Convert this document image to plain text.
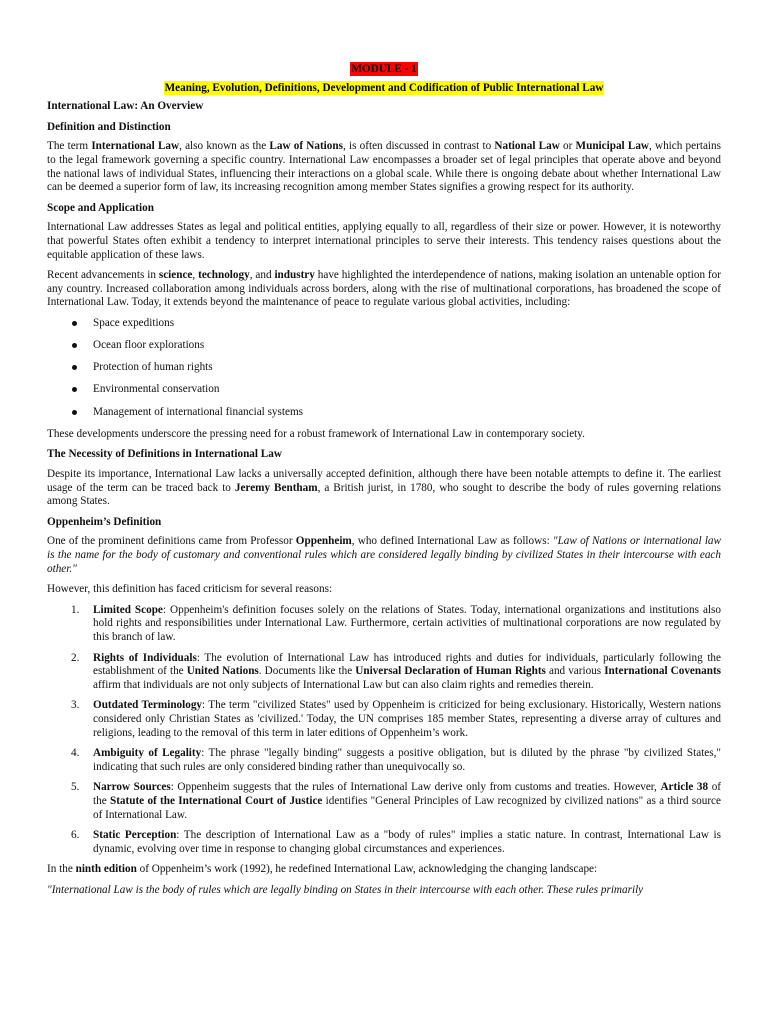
MODULE - 1
Meaning, Evolution, Definitions, Development and Codification of Public International Law
International Law: An Overview
Definition and Distinction

The term International Law, also known as the Law of Nations, is often discussed in contrast to National Law or Municipal Law, which pertains to the legal framework governing a specific country. International Law encompasses a broader set of legal principles that operate above and beyond the national laws of individual States, influencing their interactions on a global scale. While there is ongoing debate about whether International Law can be deemed a superior form of law, its increasing recognition among member States signifies a growing respect for its authority.

Scope and Application

International Law addresses States as legal and political entities, applying equally to all, regardless of their size or power. However, it is noteworthy that powerful States often exhibit a tendency to interpret international principles to serve their interests. This tendency raises questions about the equitable application of these laws.

Recent advancements in science, technology, and industry have highlighted the interdependence of nations, making isolation an untenable option for any country. Increased collaboration among individuals across borders, along with the rise of multinational corporations, has broadened the scope of International Law. Today, it extends beyond the maintenance of peace to regulate various global activities, including:

Space expeditions
Ocean floor explorations
Protection of human rights
Environmental conservation
Management of international financial systems

These developments underscore the pressing need for a robust framework of International Law in contemporary society.

The Necessity of Definitions in International Law

Despite its importance, International Law lacks a universally accepted definition, although there have been notable attempts to define it. The earliest usage of the term can be traced back to Jeremy Bentham, a British jurist, in 1780, who sought to describe the body of rules governing relations among States.

Oppenheim’s Definition

One of the prominent definitions came from Professor Oppenheim, who defined International Law as follows: "Law of Nations or international law is the name for the body of customary and conventional rules which are considered legally binding by civilized States in their intercourse with each other."

However, this definition has faced criticism for several reasons:

1. Limited Scope: Oppenheim's definition focuses solely on the relations of States. Today, international organizations and institutions also hold rights and responsibilities under International Law. Furthermore, certain activities of multinational corporations are now regulated by this branch of law.
2. Rights of Individuals: The evolution of International Law has introduced rights and duties for individuals, particularly following the establishment of the United Nations. Documents like the Universal Declaration of Human Rights and various International Covenants affirm that individuals are not only subjects of International Law but can also claim rights and remedies therein.
3. Outdated Terminology: The term "civilized States" used by Oppenheim is criticized for being exclusionary. Historically, Western nations considered only Christian States as 'civilized.' Today, the UN comprises 185 member States, representing a diverse array of cultures and religions, leading to the removal of this term in later editions of Oppenheim’s work.
4. Ambiguity of Legality: The phrase "legally binding" suggests a positive obligation, but is diluted by the phrase "by civilized States," indicating that such rules are only considered binding rather than unequivocally so.
5. Narrow Sources: Oppenheim suggests that the rules of International Law derive only from customs and treaties. However, Article 38 of the Statute of the International Court of Justice identifies "General Principles of Law recognized by civilized nations" as a third source of International Law.
6. Static Perception: The description of International Law as a "body of rules" implies a static nature. In contrast, International Law is dynamic, evolving over time in response to changing global circumstances and experiences.

In the ninth edition of Oppenheim’s work (1992), he redefined International Law, acknowledging the changing landscape:

"International Law is the body of rules which are legally binding on States in their intercourse with each other. These rules primarily
